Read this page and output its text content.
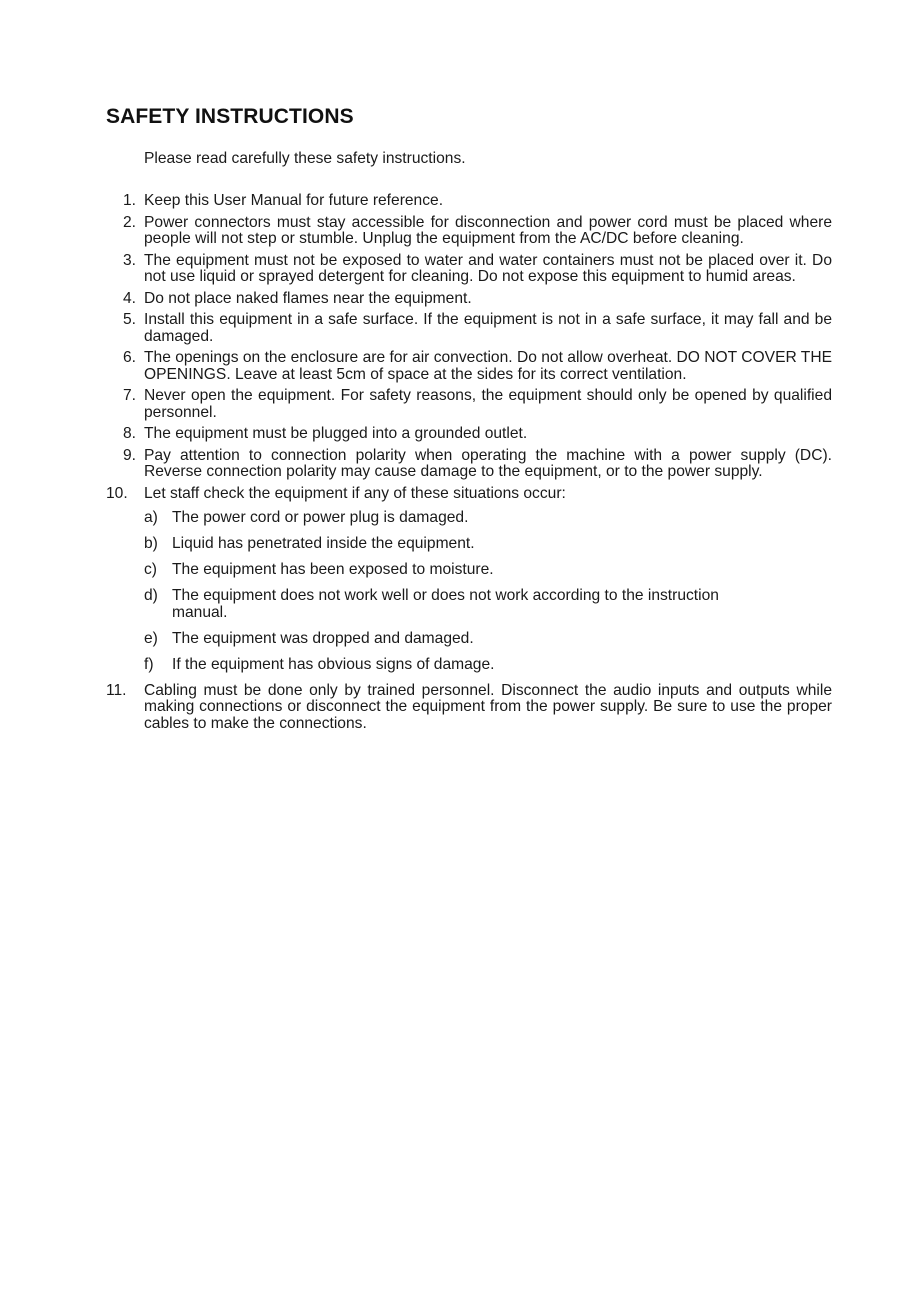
SAFETY INSTRUCTIONS

Please read carefully these safety instructions.

1. Keep this User Manual for future reference.
2. Power connectors must stay accessible for disconnection and power cord must be placed where people will not step or stumble. Unplug the equipment from the AC/DC before cleaning.
3. The equipment must not be exposed to water and water containers must not be placed over it. Do not use liquid or sprayed detergent for cleaning. Do not expose this equipment to humid areas.
4. Do not place naked flames near the equipment.
5. Install this equipment in a safe surface. If the equipment is not in a safe surface, it may fall and be damaged.
6. The openings on the enclosure are for air convection. Do not allow overheat. DO NOT COVER THE OPENINGS. Leave at least 5cm of space at the sides for its correct ventilation.
7. Never open the equipment. For safety reasons, the equipment should only be opened by qualified personnel.
8. The equipment must be plugged into a grounded outlet.
9. Pay attention to connection polarity when operating the machine with a power supply (DC). Reverse connection polarity may cause damage to the equipment, or to the power supply.
10.	Let staff check the equipment if any of these situations occur:
a) The power cord or power plug is damaged.
b) Liquid has penetrated inside the equipment.
c) The equipment has been exposed to moisture.
d) The equipment does not work well or does not work according to the instruction manual.
e) The equipment was dropped and damaged.
f) If the equipment has obvious signs of damage.
11.	Cabling must be done only by trained personnel. Disconnect the audio inputs and outputs while making connections or disconnect the equipment from the power supply. Be sure to use the proper cables to make the connections.
